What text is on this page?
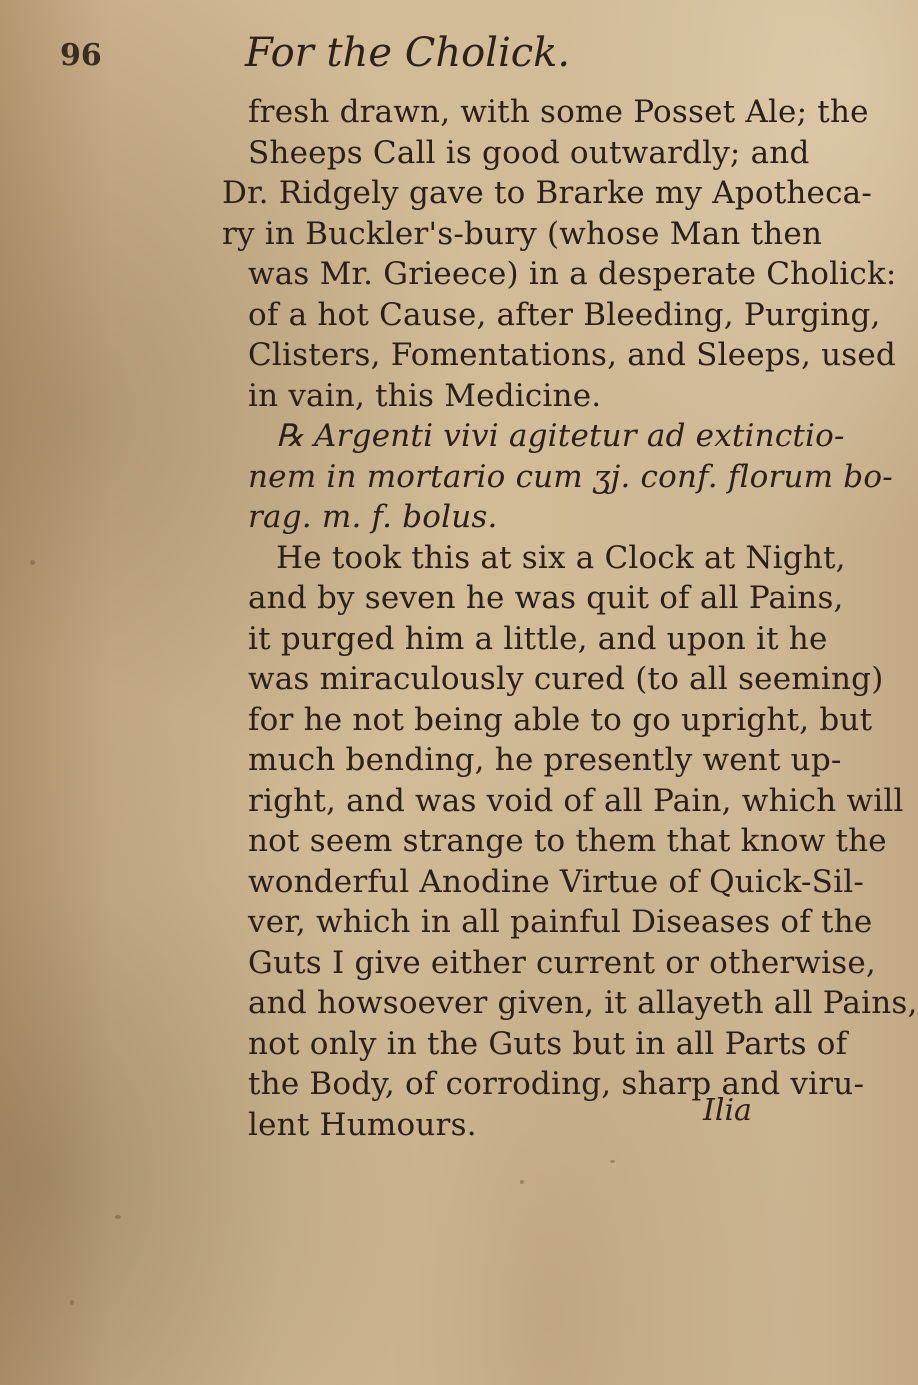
96	For the Cholick.
fresh drawn, with some Posset Ale; the
Sheeps Call is good outwardly; and
Dr. Ridgely gave to Brarke my Apotheca-
ry in Buckler's-bury (whose Man then
was Mr. Grieece) in a desperate Cholick:
of a hot Cause, after Bleeding, Purging,
Clisters, Fomentations, and Sleeps, used
in vain, this Medicine.
℞ Argenti vivi agitetur ad extinctio-
nem in mortario cum ʒj. conf. florum bo-
rag. m. f. bolus.
He took this at six a Clock at Night,
and by seven he was quit of all Pains,
it purged him a little, and upon it he
was miraculously cured (to all seeming)
for he not being able to go upright, but
much bending, he presently went up-
right, and was void of all Pain, which will
not seem strange to them that know the
wonderful Anodine Virtue of Quick-Sil-
ver, which in all painful Diseases of the
Guts I give either current or otherwise,
and howsoever given, it allayeth all Pains,
not only in the Guts but in all Parts of
the Body, of corroding, sharp and viru-
lent Humours.	Ilia
